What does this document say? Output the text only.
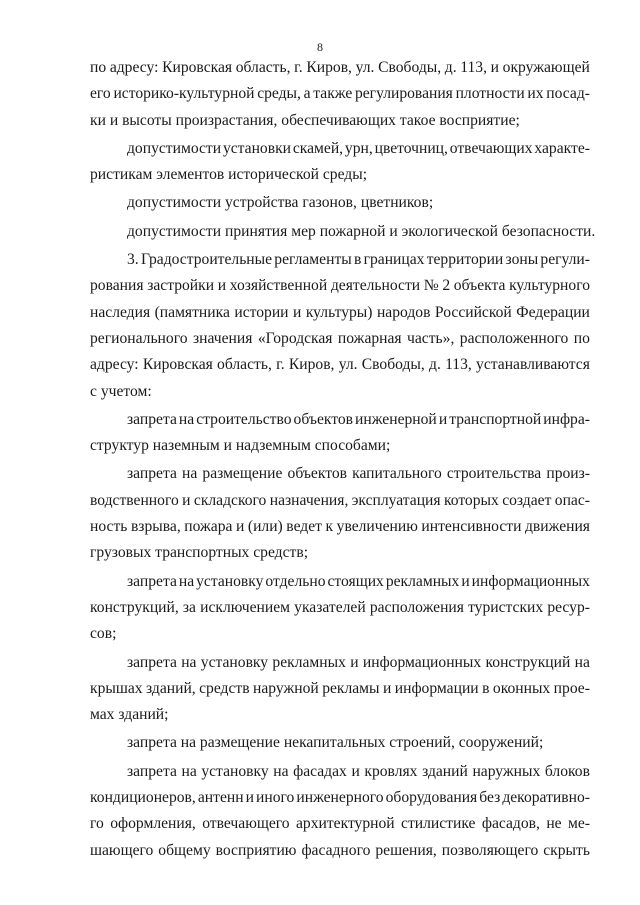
8
по адресу: Кировская область, г. Киров, ул. Свободы, д. 113, и окружающей
его историко-культурной среды, а также регулирования плотности их посад-
ки и высоты произрастания, обеспечивающих такое восприятие;
допустимости установки скамей, урн, цветочниц, отвечающих характе-
ристикам элементов исторической среды;
допустимости устройства газонов, цветников;
допустимости принятия мер пожарной и экологической безопасности.
3. Градостроительные регламенты в границах территории зоны регули-
рования застройки и хозяйственной деятельности № 2 объекта культурного
наследия (памятника истории и культуры) народов Российской Федерации
регионального значения «Городская пожарная часть», расположенного по
адресу: Кировская область, г. Киров, ул. Свободы, д. 113, устанавливаются
с учетом:
запрета на строительство объектов инженерной и транспортной инфра-
структур наземным и надземным способами;
запрета на размещение объектов капитального строительства произ-
водственного и складского назначения, эксплуатация которых создает опас-
ность взрыва, пожара и (или) ведет к увеличению интенсивности движения
грузовых транспортных средств;
запрета на установку отдельно стоящих рекламных и информационных
конструкций, за исключением указателей расположения туристских ресур-
сов;
запрета на установку рекламных и информационных конструкций на
крышах зданий, средств наружной рекламы и информации в оконных прое-
мах зданий;
запрета на размещение некапитальных строений, сооружений;
запрета на установку на фасадах и кровлях зданий наружных блоков
кондиционеров, антенн и иного инженерного оборудования без декоративно-
го оформления, отвечающего архитектурной стилистике фасадов, не ме-
шающего общему восприятию фасадного решения, позволяющего скрыть
